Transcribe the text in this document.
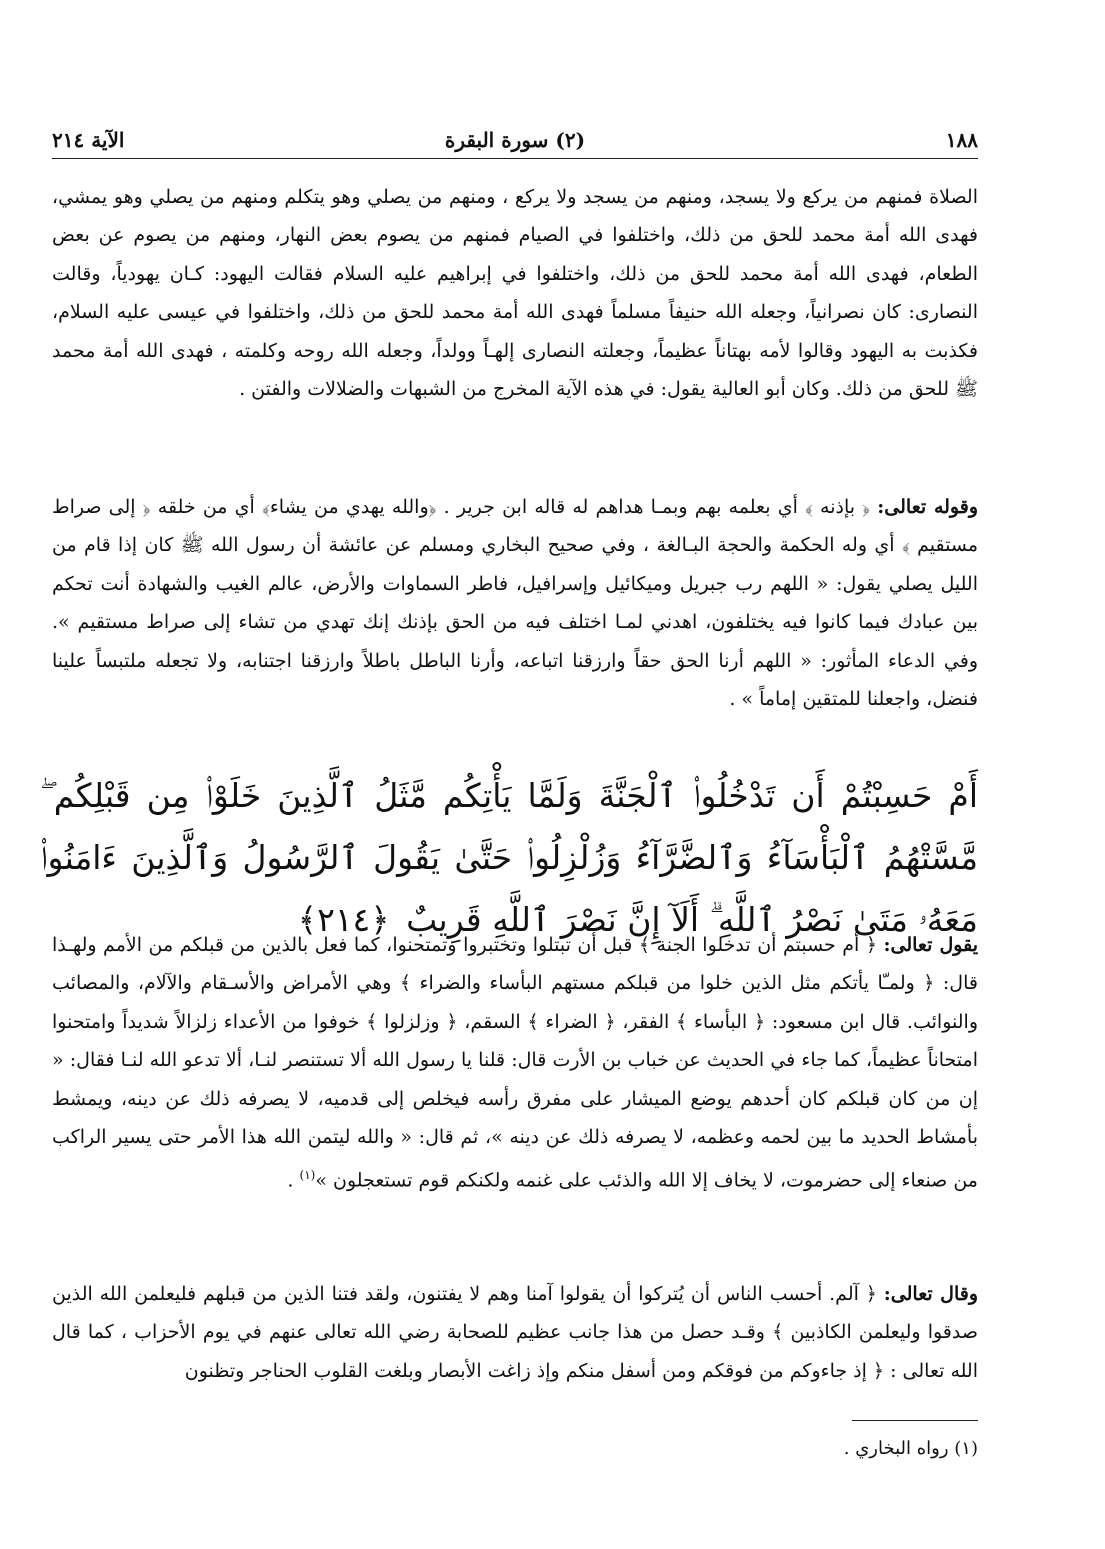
١٨٨
(٢) سورة البقرة
الآية ٢١٤
الصلاة فمنهم من يركع ولا يسجد، ومنهم من يسجد ولا يركع ، ومنهم من يصلي وهو يتكلم ومنهم من يصلي وهو يمشي، فهدى الله أمة محمد للحق من ذلك، واختلفوا في الصيام فمنهم من يصوم بعض النهار، ومنهم من يصوم عن بعض الطعام، فهدى الله أمة محمد للحق من ذلك، واختلفوا في إبراهيم عليه السلام فقالت اليهود: كـان يهودياً، وقالت النصارى: كان نصرانياً، وجعله الله حنيفاً مسلماً فهدى الله أمة محمد للحق من ذلك، واختلفوا في عيسى عليه السلام، فكذبت به اليهود وقالوا لأمه بهتاناً عظيماً، وجعلته النصارى إلهـاً وولداً، وجعله الله روحه وكلمته ، فهدى الله أمة محمد ﷺ للحق من ذلك. وكان أبو العالية يقول: في هذه الآية المخرج من الشبهات والضلالات والفتن .
وقوله تعالى: ﴿ بإذنه ﴾ أي بعلمه بهم وبمـا هداهم له قاله ابن جرير . ﴿والله يهدي من يشاء﴾ أي من خلقه ﴿ إلى صراط مستقيم ﴾ أي وله الحكمة والحجة البـالغة ، وفي صحيح البخاري ومسلم عن عائشة أن رسول الله ﷺ كان إذا قام من الليل يصلي يقول: « اللهم رب جبريل وميكائيل وإسرافيل، فاطر السماوات والأرض، عالم الغيب والشهادة أنت تحكم بين عبادك فيما كانوا فيه يختلفون، اهدني لمـا اختلف فيه من الحق بإذنك إنك تهدي من تشاء إلى صراط مستقيم ». وفي الدعاء المأثور: « اللهم أرنا الحق حقاً وارزقنا اتباعه، وأرنا الباطل باطلاً وارزقنا اجتنابه، ولا تجعله ملتبساً علينا فنضل، واجعلنا للمتقين إماماً » .
أَمْ حَسِبْتُمْ أَن تَدْخُلُوا۟ ٱلْجَنَّةَ وَلَمَّا يَأْتِكُم مَّثَلُ ٱلَّذِينَ خَلَوْا۟ مِن قَبْلِكُم ۖ مَّسَّتْهُمُ ٱلْبَأْسَآءُ وَٱلضَّرَّآءُ وَزُلْزِلُوا۟ حَتَّىٰ يَقُولَ ٱلرَّسُولُ وَٱلَّذِينَ ءَامَنُوا۟ مَعَهُۥ مَتَىٰ نَصْرُ ٱللَّهِ ۗ أَلَآ إِنَّ نَصْرَ ٱللَّهِ قَرِيبٌ ﴿٢١٤﴾
يقول تعالى: ﴿ أم حسبتم أن تدخلوا الجنة ﴾ قبل أن تبتلوا وتختبروا وتمتحنوا، كما فعل بالذين من قبلكم من الأمم ولهـذا قال: ﴿ ولمـّا يأتكم مثل الذين خلوا من قبلكم مستهم البأساء والضراء ﴾ وهي الأمراض والأسـقام والآلام، والمصائب والنوائب. قال ابن مسعود: ﴿ البأساء ﴾ الفقر، ﴿ الضراء ﴾ السقم، ﴿ وزلزلوا ﴾ خوفوا من الأعداء زلزالاً شديداً وامتحنوا امتحاناً عظيماً، كما جاء في الحديث عن خباب بن الأرت قال: قلنا يا رسول الله ألا تستنصر لنـا، ألا تدعو الله لنـا فقال: « إن من كان قبلكم كان أحدهم يوضع الميشار على مفرق رأسه فيخلص إلى قدميه، لا يصرفه ذلك عن دينه، ويمشط بأمشاط الحديد ما بين لحمه وعظمه، لا يصرفه ذلك عن دينه »، ثم قال: « والله ليتمن الله هذا الأمر حتى يسير الراكب من صنعاء إلى حضرموت، لا يخاف إلا الله والذئب على غنمه ولكنكم قوم تستعجلون »$^{(١)}$ .
وقال تعالى: ﴿ آلم. أحسب الناس أن يُتركوا أن يقولوا آمنا وهم لا يفتنون، ولقد فتنا الذين من قبلهم فليعلمن الله الذين صدقوا وليعلمن الكاذبين ﴾ وقـد حصل من هذا جانب عظيم للصحابة رضي الله تعالى عنهم في يوم الأحزاب ، كما قال الله تعالى : ﴿ إذ جاءوكم من فوقكم ومن أسفل منكم وإذ زاغت الأبصار وبلغت القلوب الحناجر وتظنون
(١) رواه البخاري .
